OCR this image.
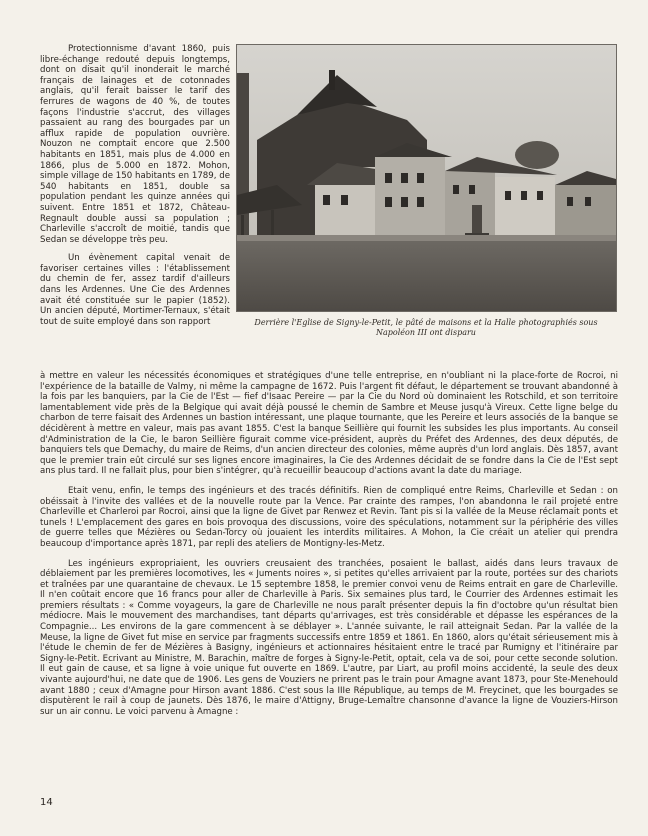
Protectionnisme d'avant 1860, puis libre-échange redouté depuis longtemps, dont on disait qu'il inonderait le marché français de lainages et de cotonnades anglais, qu'il ferait baisser le tarif des ferrures de wagons de 40 %, de toutes façons l'industrie s'accrut, des villages passaient au rang des bourgades par un afflux rapide de population ouvrière. Nouzon ne comptait encore que 2.500 habitants en 1851, mais plus de 4.000 en 1866, plus de 5.000 en 1872. Mohon, simple village de 150 habitants en 1789, de 540 habitants en 1851, double sa population pendant les quinze années qui suivent. Entre 1851 et 1872, Château-Regnault double aussi sa population ; Charleville s'accroît de moitié, tandis que Sedan se développe très peu.

Un évènement capital venait de favoriser certaines villes : l'établissement du chemin de fer, assez tardif d'ailleurs dans les Ardennes. Une Cie des Ardennes avait été constituée sur le papier (1852). Un ancien député, Mortimer-Ternaux, s'était tout de suite employé dans son rapport	Derrière l'Eglise de Signy-le-Petit, le pâté de maisons et la Halle photographiés sous Napoléon III ont disparu

à mettre en valeur les nécessités économiques et stratégiques d'une telle entreprise, en n'oubliant ni la place-forte de Rocroi, ni l'expérience de la bataille de Valmy, ni même la campagne de 1672. Puis l'argent fit défaut, le département se trouvant abandonné à la fois par les banquiers, par la Cie de l'Est — fief d'Isaac Pereire — par la Cie du Nord où dominaient les Rotschild, et son territoire lamentablement vide près de la Belgique qui avait déjà poussé le chemin de Sambre et Meuse jusqu'à Vireux. Cette ligne belge du charbon de terre faisait des Ardennes un bastion intéressant, une plaque tournante, que les Pereire et leurs associés de la banque se décidèrent à mettre en valeur, mais pas avant 1855. C'est la banque Seillière qui fournit les subsides les plus importants. Au conseil d'Administration de la Cie, le baron Seillière figurait comme vice-président, auprès du Préfet des Ardennes, des deux députés, de banquiers tels que Demachy, du maire de Reims, d'un ancien directeur des colonies, même auprès d'un lord anglais. Dès 1857, avant que le premier train eût circulé sur ses lignes encore imaginaires, la Cie des Ardennes décidait de se fondre dans la Cie de l'Est sept ans plus tard. Il ne fallait plus, pour bien s'intégrer, qu'à recueillir beaucoup d'actions avant la date du mariage.

Etait venu, enfin, le temps des ingénieurs et des tracés définitifs. Rien de compliqué entre Reims, Charleville et Sedan : on obéissait à l'invite des vallées et de la nouvelle route par la Vence. Par crainte des rampes, l'on abandonna le rail projeté entre Charleville et Charleroi par Rocroi, ainsi que la ligne de Givet par Renwez et Revin. Tant pis si la vallée de la Meuse réclamait ponts et tunels ! L'emplacement des gares en bois provoqua des discussions, voire des spéculations, notamment sur la périphérie des villes de guerre telles que Mézières ou Sedan-Torcy où jouaient les interdits militaires. A Mohon, la Cie créait un atelier qui prendra beaucoup d'importance après 1871, par repli des ateliers de Montigny-les-Metz.

Les ingénieurs expropriaient, les ouvriers creusaient des tranchées, posaient le ballast, aidés dans leurs travaux de déblaiement par les premières locomotives, les « Juments noires », si petites qu'elles arrivaient par la route, portées sur des chariots et traînées par une quarantaine de chevaux. Le 15 septembre 1858, le premier convoi venu de Reims entrait en gare de Charleville. Il n'en coûtait encore que 16 francs pour aller de Charleville à Paris. Six semaines plus tard, le Courrier des Ardennes estimait les premiers résultats : « Comme voyageurs, la gare de Charleville ne nous paraît présenter depuis la fin d'octobre qu'un résultat bien médiocre. Mais le mouvement des marchandises, tant départs qu'arrivages, est très considérable et dépasse les espérances de la Compagnie... Les environs de la gare commencent à se déblayer ». L'année suivante, le rail atteignait Sedan. Par la vallée de la Meuse, la ligne de Givet fut mise en service par fragments successifs entre 1859 et 1861. En 1860, alors qu'était sérieusement mis à l'étude le chemin de fer de Mézières à Basigny, ingénieurs et actionnaires hésitaient entre le tracé par Rumigny et l'itinéraire par Signy-le-Petit. Ecrivant au Ministre, M. Barachin, maître de forges à Signy-le-Petit, optait, cela va de soi, pour cette seconde solution. Il eut gain de cause, et sa ligne à voie unique fut ouverte en 1869. L'autre, par Liart, au profil moins accidenté, la seule des deux vivante aujourd'hui, ne date que de 1906. Les gens de Vouziers ne prirent pas le train pour Amagne avant 1873, pour Ste-Menehould avant 1880 ; ceux d'Amagne pour Hirson avant 1886. C'est sous la IIIe République, au temps de M. Freycinet, que les bourgades se disputèrent le rail à coup de jaunets. Dès 1876, le maire d'Attigny, Bruge-Lemaître chansonne d'avance la ligne de Vouziers-Hirson sur un air connu. Le voici parvenu à Amagne :

14
